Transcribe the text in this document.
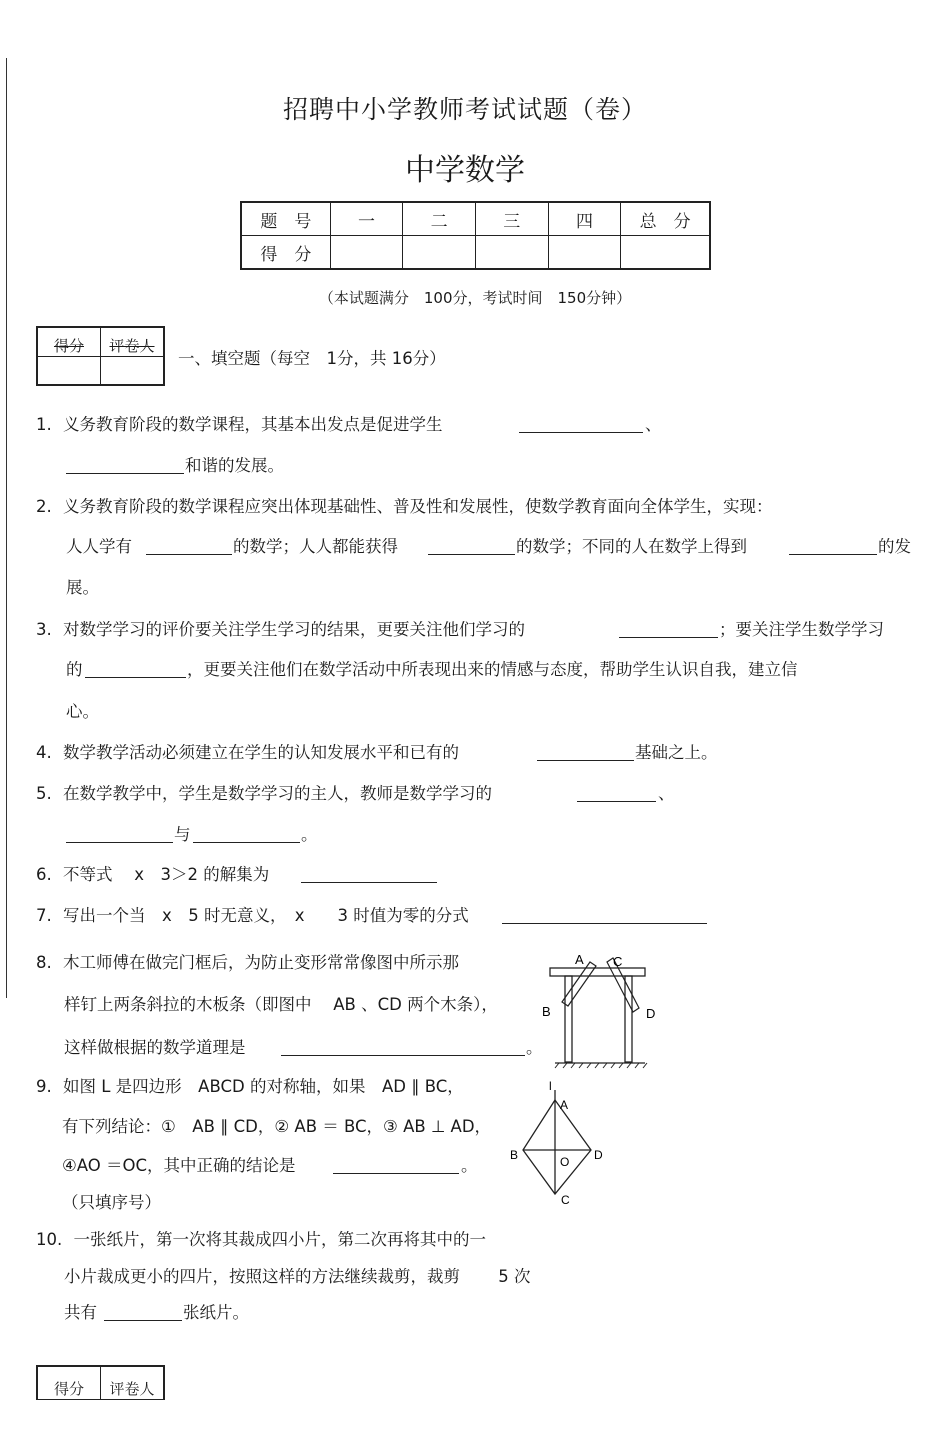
招聘中小学教师考试试题（卷）
中学数学
题　号	一	二	三	四	总　分
得　分					
（本试题满分　100分，考试时间　150分钟）
得分	评卷人

一、填空题（每空　1分，共 16分）
1. 义务教育阶段的数学课程，其基本出发点是促进学生	、
和谐的发展。
2. 义务教育阶段的数学课程应突出体现基础性、普及性和发展性，使数学教育面向全体学生，实现：
人人学有	的数学；人人都能获得	的数学；不同的人在数学上得到	的发
展。
3. 对数学学习的评价要关注学生学习的结果，更要关注他们学习的	；要关注学生数学学习
的	，更要关注他们在数学活动中所表现出来的情感与态度，帮助学生认识自我，建立信
心。
4. 数学教学活动必须建立在学生的认知发展水平和已有的	基础之上。
5. 在数学教学中，学生是数学学习的主人，教师是数学学习的	、
与	。
6. 不等式　 x　3＞2 的解集为
7. 写出一个当　x　5 时无意义，　x　　3 时值为零的分式
8. 木工师傅在做完门框后，为防止变形常常像图中所示那
样钉上两条斜拉的木板条（即图中　 AB 、CD 两个木条），
这样做根据的数学道理是	。
A C
B	D
9. 如图 L 是四边形　ABCD 的对称轴，如果　AD ∥ BC，
有下列结论：①　AB ∥ CD，② AB ＝ BC，③ AB ⊥ AD，
④AO ＝OC，其中正确的结论是	。
（只填序号）
l
A
B	O D
C
10. 一张纸片，第一次将其裁成四小片，第二次再将其中的一
小片裁成更小的四片，按照这样的方法继续裁剪，裁剪　　 5 次
共有	张纸片。
得分	评卷人
